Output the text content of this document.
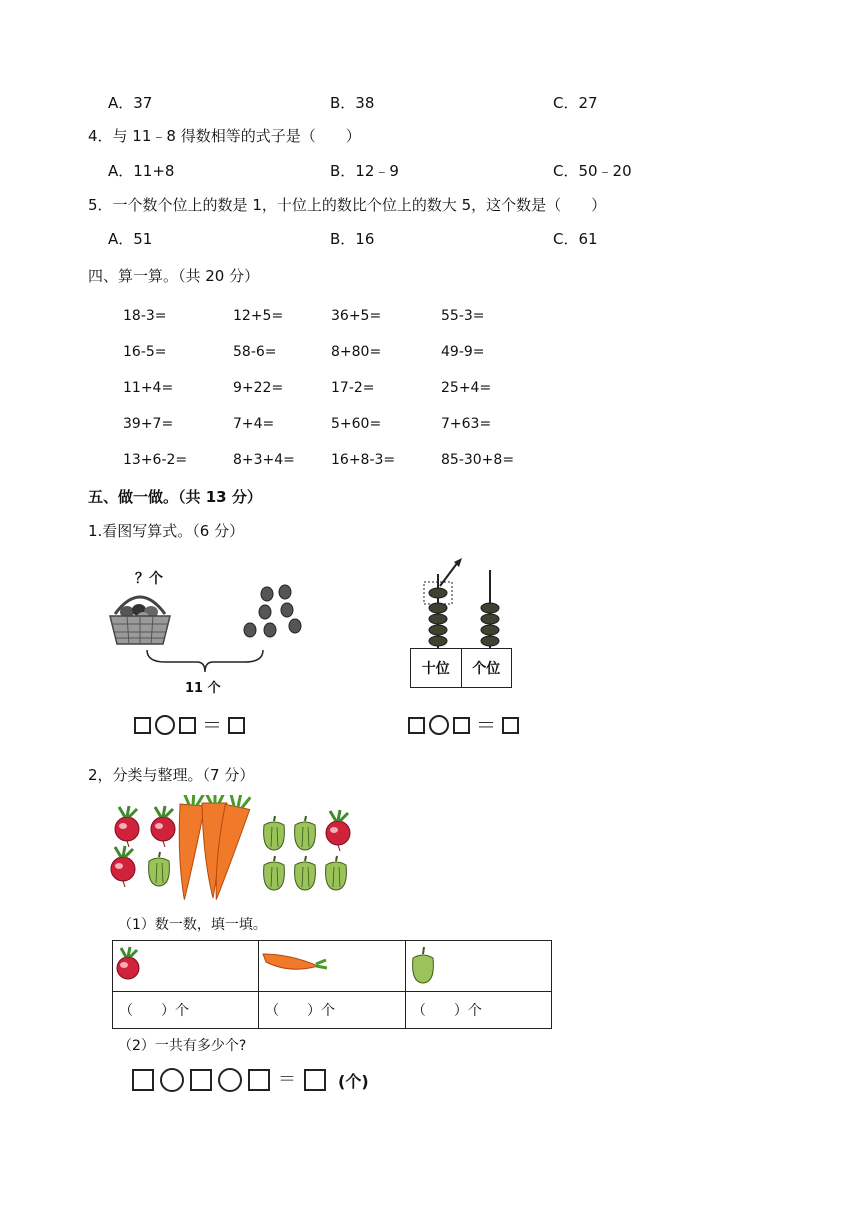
A．37	B．38	C．27
4．与 11﹣8 得数相等的式子是（　　）
A．11+8	B．12﹣9	C．50﹣20
5．一个数个位上的数是 1，十位上的数比个位上的数大 5，这个数是（　　）
A．51	B．16	C．61
四、算一算。（共 20 分）
18-3=	12+5=	36+5=	55-3=
16-5=	58-6=	8+80=	49-9=
11+4=	9+22=	17-2=	25+4=
39+7=	7+4=	5+60=	7+63=
13+6-2=	8+3+4=	16+8-3=	85-30+8=
五、做一做。（共 13 分）
1.看图写算式。（6 分）
？个
11 个
＝
十位	个位
＝
2，分类与整理。（7 分）
（1）数一数，填一填。

（　　）个	（　　）个	（　　）个
（2）一共有多少个?
＝	(个)
